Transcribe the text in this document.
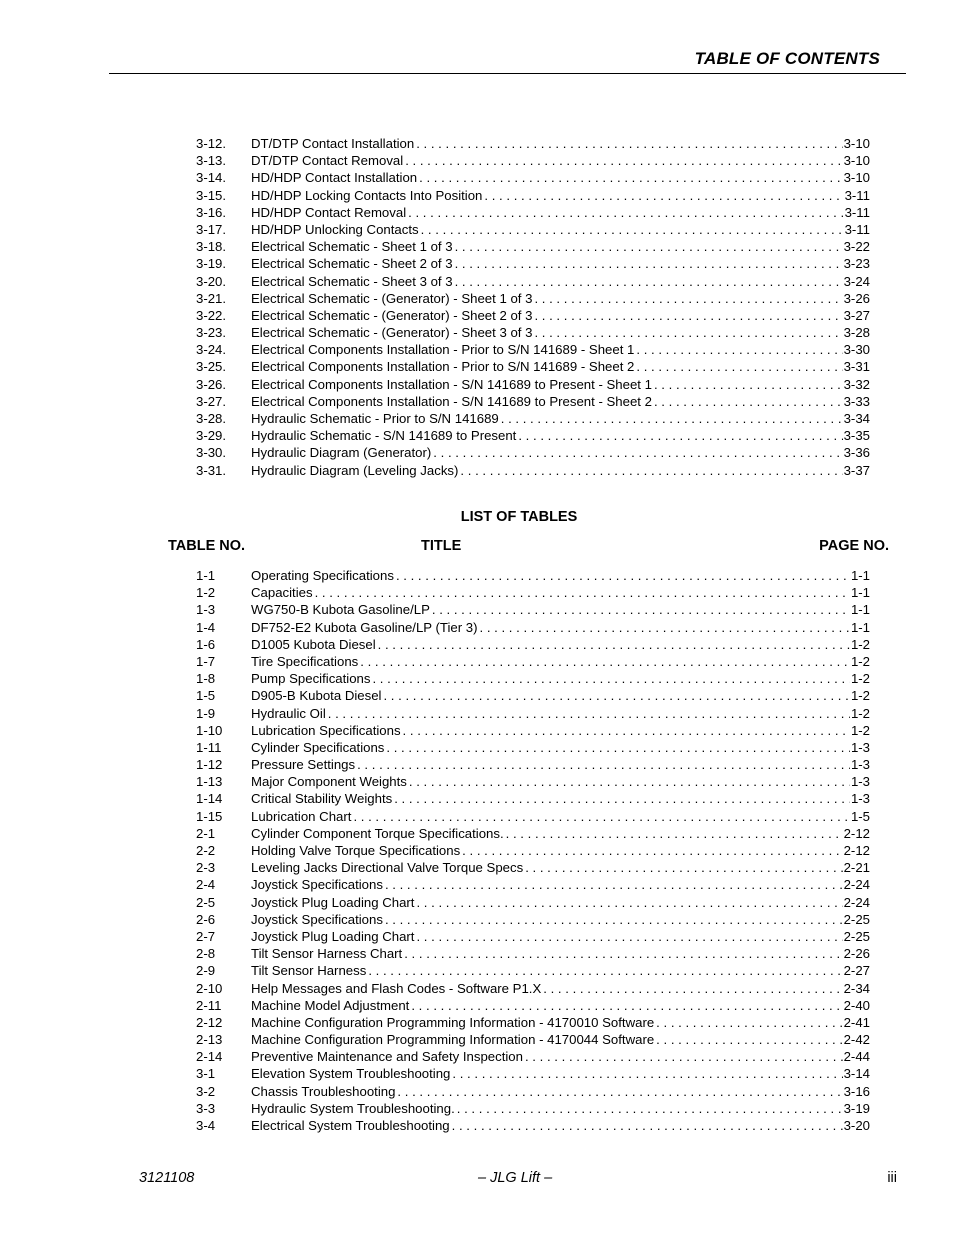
TABLE OF CONTENTS
3-12.	DT/DTP Contact Installation . . .	3-10
3-13.	DT/DTP Contact Removal . . .	3-10
3-14.	HD/HDP Contact Installation . . .	3-10
3-15.	HD/HDP Locking Contacts Into Position . . .	3-11
3-16.	HD/HDP Contact Removal . . .	3-11
3-17.	HD/HDP Unlocking Contacts . . .	3-11
3-18.	Electrical Schematic - Sheet 1 of 3 . . .	3-22
3-19.	Electrical Schematic - Sheet 2 of 3 . . .	3-23
3-20.	Electrical Schematic - Sheet 3 of 3 . . .	3-24
3-21.	Electrical Schematic - (Generator) - Sheet 1 of 3 . . .	3-26
3-22.	Electrical Schematic - (Generator) - Sheet 2 of 3 . . .	3-27
3-23.	Electrical Schematic - (Generator) - Sheet 3 of 3 . . .	3-28
3-24.	Electrical Components Installation - Prior to S/N 141689 - Sheet 1 . . .	3-30
3-25.	Electrical Components Installation - Prior to S/N 141689 - Sheet 2 . . .	3-31
3-26.	Electrical Components Installation - S/N 141689 to Present - Sheet 1 . . .	3-32
3-27.	Electrical Components Installation - S/N 141689 to Present - Sheet 2 . . .	3-33
3-28.	Hydraulic Schematic - Prior to S/N 141689 . . .	3-34
3-29.	Hydraulic Schematic - S/N 141689 to Present . . .	3-35
3-30.	Hydraulic Diagram (Generator) . . .	3-36
3-31.	Hydraulic Diagram (Leveling Jacks) . . .	3-37
LIST OF TABLES
TABLE NO.	TITLE	PAGE NO.
1-1	Operating Specifications . . .	1-1
1-2	Capacities . . .	1-1
1-3	WG750-B Kubota Gasoline/LP . . .	1-1
1-4	DF752-E2 Kubota Gasoline/LP (Tier 3) . . .	1-1
1-6	D1005 Kubota Diesel . . .	1-2
1-7	Tire Specifications . . .	1-2
1-8	Pump Specifications . . .	1-2
1-5	D905-B Kubota Diesel . . .	1-2
1-9	Hydraulic Oil . . .	1-2
1-10	Lubrication Specifications . . .	1-2
1-11	Cylinder Specifications . . .	1-3
1-12	Pressure Settings . . .	1-3
1-13	Major Component Weights . . .	1-3
1-14	Critical Stability Weights . . .	1-3
1-15	Lubrication Chart . . .	1-5
2-1	Cylinder Component Torque Specifications. . . .	2-12
2-2	Holding Valve Torque Specifications . . .	2-12
2-3	Leveling Jacks Directional Valve Torque Specs . . .	2-21
2-4	Joystick Specifications . . .	2-24
2-5	Joystick Plug Loading Chart . . .	2-24
2-6	Joystick Specifications . . .	2-25
2-7	Joystick Plug Loading Chart . . .	2-25
2-8	Tilt Sensor Harness Chart . . .	2-26
2-9	Tilt Sensor Harness . . .	2-27
2-10	Help Messages and Flash Codes - Software P1.X . . .	2-34
2-11	Machine Model Adjustment . . .	2-40
2-12	Machine Configuration Programming Information - 4170010 Software . . .	2-41
2-13	Machine Configuration Programming Information - 4170044 Software . . .	2-42
2-14	Preventive Maintenance and Safety Inspection . . .	2-44
3-1	Elevation System Troubleshooting . . .	3-14
3-2	Chassis Troubleshooting . . .	3-16
3-3	Hydraulic System Troubleshooting. . . .	3-19
3-4	Electrical System Troubleshooting . . .	3-20
3121108	– JLG Lift –	iii
